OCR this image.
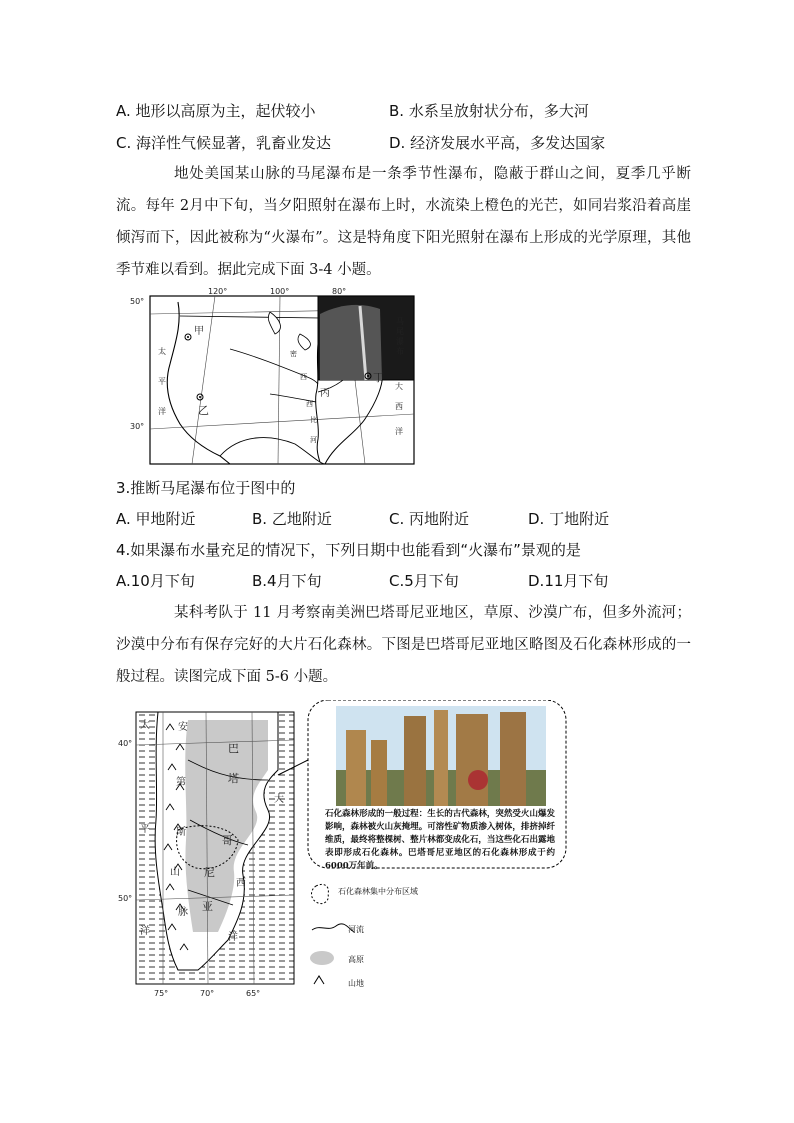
A. 地形以高原为主，起伏较小	B. 水系呈放射状分布，多大河
C. 海洋性气候显著，乳畜业发达	D. 经济发展水平高，多发达国家
地处美国某山脉的马尾瀑布是一条季节性瀑布，隐蔽于群山之间，夏季几乎断流。每年 2月中下旬，当夕阳照射在瀑布上时，水流染上橙色的光芒，如同岩浆沿着高崖倾泻而下，因此被称为“火瀑布”。这是特角度下阳光照射在瀑布上形成的光学原理，其他季节难以看到。据此完成下面 3-4 小题。
120°	100°	80°
50°
30°
甲
乙
丙
丁
太
平
洋
大
西
洋
密
西
西
比
河
马
尾
瀑
布
3.推断马尾瀑布位于图中的
A. 甲地附近	B. 乙地附近	C. 丙地附近	D. 丁地附近
4.如果瀑布水量充足的情况下，下列日期中也能看到“火瀑布”景观的是
A.10月下旬	B.4月下旬	C.5月下旬	D.11月下旬
某科考队于 11 月考察南美洲巴塔哥尼亚地区，草原、沙漠广布，但多外流河；沙漠中分布有保存完好的大片石化森林。下图是巴塔哥尼亚地区略图及石化森林形成的一般过程。读图完成下面 5-6 小题。
40°
50°
75°	70°	65°
巴
塔
哥
尼
亚
安
第
斯
山
脉
太
平
洋
大
西
洋
石化森林形成的一般过程：生长的古代森林，突然受火山爆发影响，森林被火山灰掩埋。可溶性矿物质渗入树体，排挤掉纤维质，最终将整棵树、整片林都变成化石，当这些化石出露地表即形成石化森林。巴塔哥尼亚地区的石化森林形成于约6000万年前。
石化森林集中分布区域
河流
高原
山地
